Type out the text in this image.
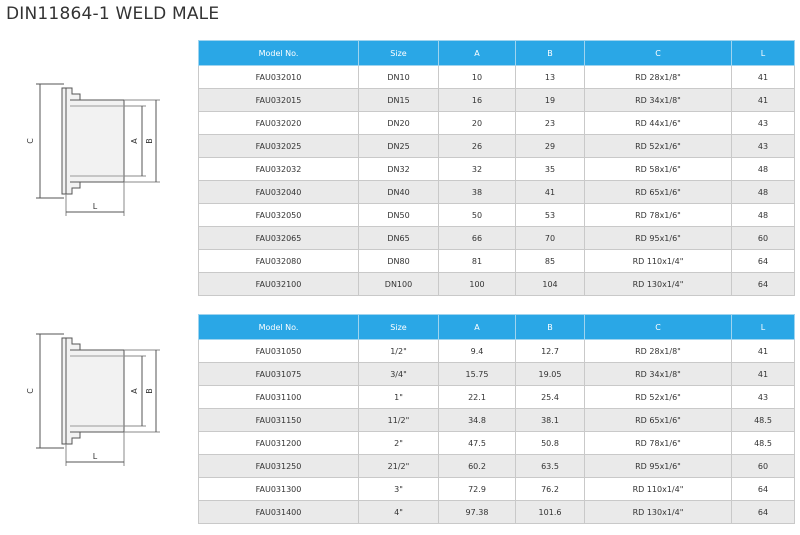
DIN11864-1 WELD MALE
C	A B
L
C	A B
L
Model No.	Size	A	B	C	L
FAU032010	DN10	10	13	RD 28x1/8"	41
FAU032015	DN15	16	19	RD 34x1/8"	41
FAU032020	DN20	20	23	RD 44x1/6"	43
FAU032025	DN25	26	29	RD 52x1/6"	43
FAU032032	DN32	32	35	RD 58x1/6"	48
FAU032040	DN40	38	41	RD 65x1/6"	48
FAU032050	DN50	50	53	RD 78x1/6"	48
FAU032065	DN65	66	70	RD 95x1/6"	60
FAU032080	DN80	81	85	RD 110x1/4"	64
FAU032100	DN100	100	104	RD 130x1/4"	64
Model No.	Size	A	B	C	L
FAU031050	1/2"	9.4	12.7	RD 28x1/8"	41
FAU031075	3/4"	15.75	19.05	RD 34x1/8"	41
FAU031100	1"	22.1	25.4	RD 52x1/6"	43
FAU031150	11/2"	34.8	38.1	RD 65x1/6"	48.5
FAU031200	2"	47.5	50.8	RD 78x1/6"	48.5
FAU031250	21/2"	60.2	63.5	RD 95x1/6"	60
FAU031300	3"	72.9	76.2	RD 110x1/4"	64
FAU031400	4"	97.38	101.6	RD 130x1/4"	64
